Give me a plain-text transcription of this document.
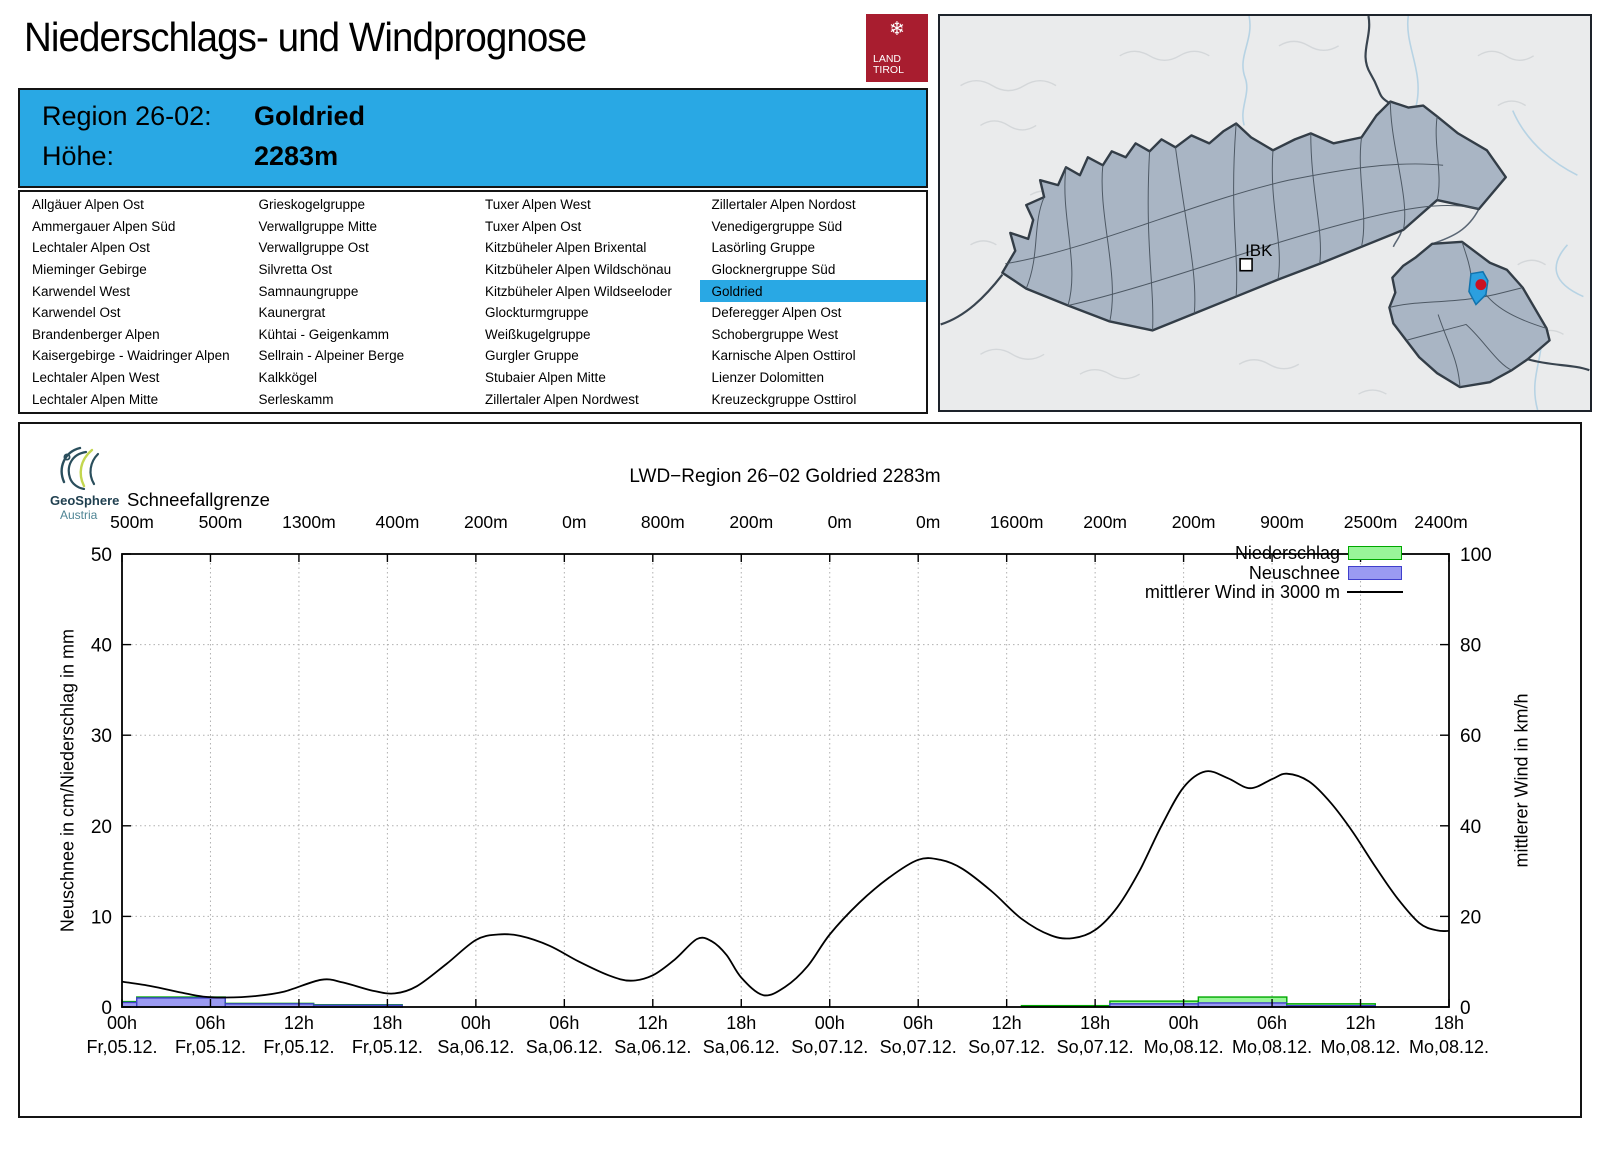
Niederschlags- und Windprognose	❄
LAND
TIROL
Region 26-02:	Goldried
Höhe:	2283m
Allgäuer Alpen Ost
Ammergauer Alpen Süd
Lechtaler Alpen Ost
Mieminger Gebirge
Karwendel West
Karwendel Ost
Brandenberger Alpen
Kaisergebirge - Waidringer Alpen
Lechtaler Alpen West
Lechtaler Alpen Mitte
Grieskogelgruppe
Verwallgruppe Mitte
Verwallgruppe Ost
Silvretta Ost
Samnaungruppe
Kaunergrat
Kühtai - Geigenkamm
Sellrain - Alpeiner Berge
Kalkkögel
Serleskamm
Tuxer Alpen West
Tuxer Alpen Ost
Kitzbüheler Alpen Brixental
Kitzbüheler Alpen Wildschönau
Kitzbüheler Alpen Wildseeloder
Glockturmgruppe
Weißkugelgruppe
Gurgler Gruppe
Stubaier Alpen Mitte
Zillertaler Alpen Nordwest
Zillertaler Alpen Nordost
Venedigergruppe Süd
Lasörling Gruppe
Glocknergruppe Süd
Goldried
Deferegger Alpen Ost
Schobergruppe West
Karnische Alpen Osttirol
Lienzer Dolomitten
Kreuzeckgruppe Osttirol
IBK
GeoSphere
Austria
LWD−Region 26−02 Goldried 2283m
Schneefallgrenze
Neuschnee in cm/Niederschlag in mm	mittlerer Wind in km/h
0
10
20
30
40
50
0
20
40
60
80
100
00h	06h	12h	18h	00h	06h	12h	18h	00h	06h	12h	18h	00h	06h	12h	18h
Fr,05.12. Fr,05.12. Fr,05.12. Fr,05.12. Sa,06.12. Sa,06.12. Sa,06.12. Sa,06.12. So,07.12. So,07.12. So,07.12. So,07.12. Mo,08.12. Mo,08.12. Mo,08.12. Mo,08.12.
500m	500m 1300m 400m	200m	0m	800m	200m	0m	0m	1600m 200m	200m	900m 2500m 2400m
Niederschlag
Neuschnee
mittlerer Wind in 3000 m
